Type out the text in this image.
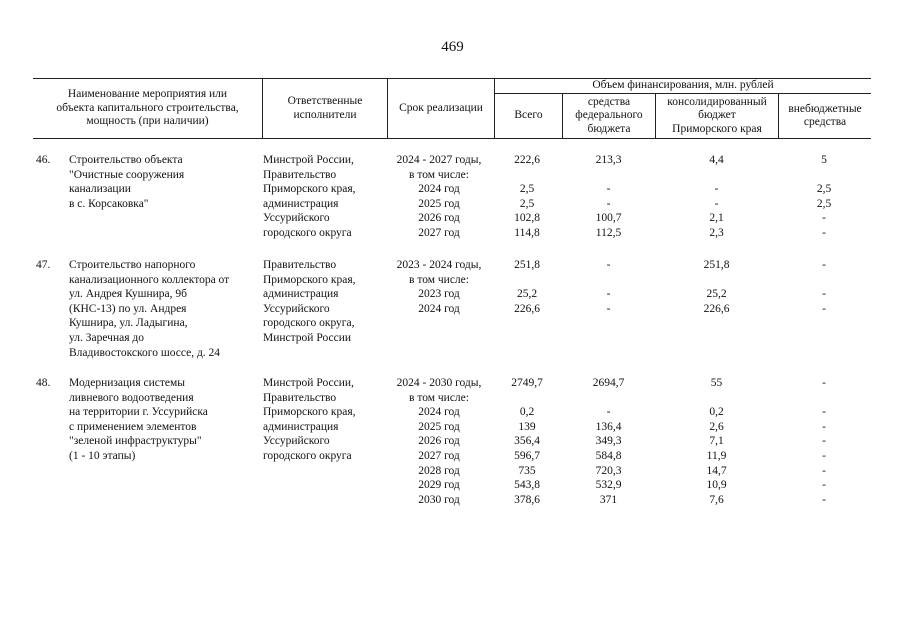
469
Наименование мероприятия или
объекта капитального строительства,
мощность (при наличии)
Ответственные
исполнители
Срок реализации
Объем финансирования, млн. рублей
Всего
средства
федерального
бюджета
консолидированный
бюджет
Приморского края
внебюджетные
средства
46. Строительство объекта
"Очистные сооружения
канализации
в с. Корсаковка"
Минстрой России,
Правительство
Приморского края,
администрация
Уссурийского
городского округа
2024 - 2027 годы,
в том числе:
2024 год
2025 год
2026 год
2027 год
222,6

2,5
2,5
102,8
114,8
213,3

-
-
100,7
112,5
4,4

-
-
2,1
2,3
5

2,5
2,5
-
-
47. Строительство напорного
канализационного коллектора от
ул. Андрея Кушнира, 9б
(КНС-13) по ул. Андрея
Кушнира, ул. Ладыгина,
ул. Заречная до
Владивостокского шоссе, д. 24
Правительство
Приморского края,
администрация
Уссурийского
городского округа,
Минстрой России
2023 - 2024 годы,
в том числе:
2023 год
2024 год
251,8

25,2
226,6
-

-
-
251,8

25,2
226,6
-

-
-
48. Модернизация системы
ливневого водоотведения
на территории г. Уссурийска
с применением элементов
"зеленой инфраструктуры"
(1 - 10 этапы)
Минстрой России,
Правительство
Приморского края,
администрация
Уссурийского
городского округа
2024 - 2030 годы,
в том числе:
2024 год
2025 год
2026 год
2027 год
2028 год
2029 год
2030 год
2749,7

0,2
139
356,4
596,7
735
543,8
378,6
2694,7

-
136,4
349,3
584,8
720,3
532,9
371
55

0,2
2,6
7,1
11,9
14,7
10,9
7,6
-

-
-
-
-
-
-
-
